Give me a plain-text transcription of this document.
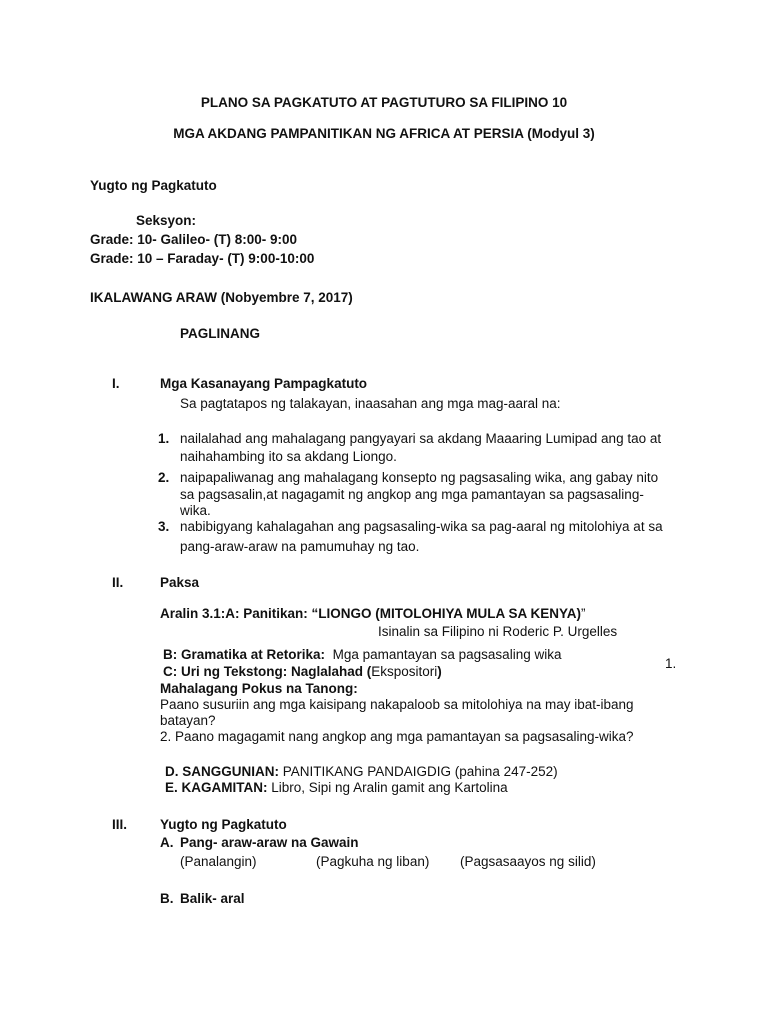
PLANO SA PAGKATUTO AT PAGTUTURO SA FILIPINO 10
MGA AKDANG PAMPANITIKAN NG AFRICA AT PERSIA (Modyul 3)
Yugto ng Pagkatuto
Seksyon:
Grade: 10- Galileo- (T) 8:00- 9:00
Grade: 10 – Faraday- (T) 9:00-10:00
IKALAWANG ARAW (Nobyembre 7, 2017)
PAGLINANG
I.	Mga Kasanayang Pampagkatuto
Sa pagtatapos ng talakayan, inaasahan ang mga mag-aaral na:
1. nailalahad ang mahalagang pangyayari sa akdang Maaaring Lumipad ang tao at
naihahambing ito sa akdang Liongo.
2. naipapaliwanag ang mahalagang konsepto ng pagsasaling wika, ang gabay nito
sa pagsasalin,at nagagamit ng angkop ang mga pamantayan sa pagsasaling-
wika.
3. nabibigyang kahalagahan ang pagsasaling-wika sa pag-aaral ng mitolohiya at sa
pang-araw-araw na pamumuhay ng tao.
II.	Paksa
Aralin 3.1:A: Panitikan: “LIONGO (MITOLOHIYA MULA SA KENYA)”
Isinalin sa Filipino ni Roderic P. Urgelles
B: Gramatika at Retorika: Mga pamantayan sa pagsasaling wika
C: Uri ng Tekstong: Naglalahad (Ekspositori)
1.
Mahalagang Pokus na Tanong:
Paano susuriin ang mga kaisipang nakapaloob sa mitolohiya na may ibat-ibang
batayan?
2. Paano magagamit nang angkop ang mga pamantayan sa pagsasaling-wika?
D. SANGGUNIAN: PANITIKANG PANDAIGDIG (pahina 247-252)
E. KAGAMITAN: Libro, Sipi ng Aralin gamit ang Kartolina
III. Yugto ng Pagkatuto
A. Pang- araw-araw na Gawain
(Panalangin)	(Pagkuha ng liban) (Pagsasaayos ng silid)
B. Balik- aral
